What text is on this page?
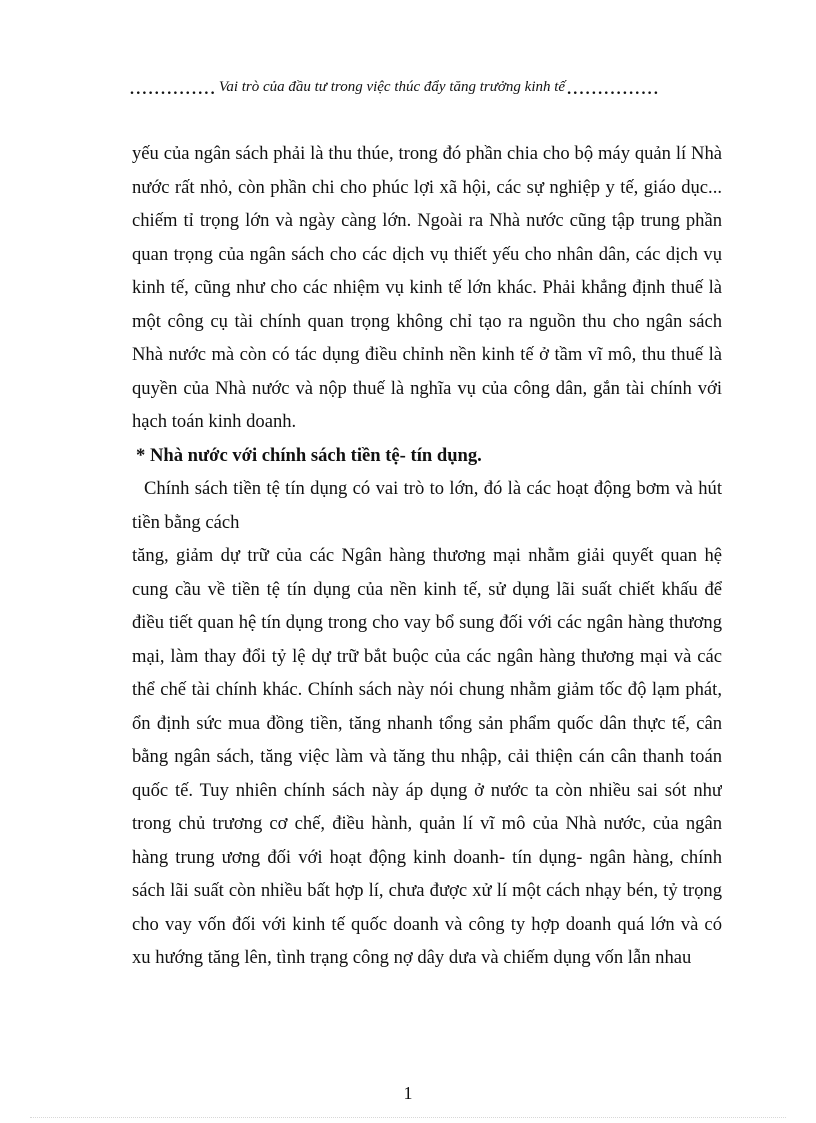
.............. Vai trò của đầu tư trong việc thúc đẩy tăng trưởng kinh tế ...............
yếu của ngân sách phải là thu thúe, trong đó phần chia cho bộ máy quản lí Nhà
nước rất nhỏ, còn phần chi cho phúc lợi xã hội, các sự nghiệp y tế, giáo dục...
chiếm tỉ trọng lớn và ngày càng lớn. Ngoài ra Nhà nước cũng tập trung phần
quan trọng của ngân sách cho các dịch vụ thiết yếu cho nhân dân, các dịch vụ
kinh tế, cũng như cho các nhiệm vụ kinh tế lớn khác. Phải khẳng định thuế là
một công cụ tài chính quan trọng không chỉ tạo ra nguồn thu cho ngân sách
Nhà nước mà còn có tác dụng điều chỉnh nền kinh tế ở tầm vĩ mô, thu thuế là
quyền của Nhà nước và nộp thuế là nghĩa vụ của công dân, gắn tài chính với
hạch toán kinh doanh.
* Nhà nước với chính sách tiền tệ- tín dụng.
Chính sách tiền tệ tín dụng có vai trò to lớn, đó là các hoạt động bơm và hút
tiền bằng cách
tăng, giảm dự trữ của các Ngân hàng thương mại nhằm giải quyết quan hệ
cung cầu về tiền tệ tín dụng của nền kinh tế, sử dụng lãi suất chiết khấu để
điều tiết quan hệ tín dụng trong cho vay bổ sung đối với các ngân hàng thương
mại, làm thay đổi tỷ lệ dự trữ bắt buộc của các ngân hàng thương mại và các
thể chế tài chính khác. Chính sách này nói chung nhằm giảm tốc độ lạm phát,
ổn định sức mua đồng tiền, tăng nhanh tổng sản phẩm quốc dân thực tế, cân
bằng ngân sách, tăng việc làm và tăng thu nhập, cải thiện cán cân thanh toán
quốc tế. Tuy nhiên chính sách này áp dụng ở nước ta còn nhiều sai sót như
trong chủ trương cơ chế, điều hành, quản lí vĩ mô của Nhà nước, của ngân
hàng trung ương đối với hoạt động kinh doanh- tín dụng- ngân hàng, chính
sách lãi suất còn nhiều bất hợp lí, chưa được xử lí một cách nhạy bén, tỷ trọng
cho vay vốn đối với kinh tế quốc doanh và công ty hợp doanh quá lớn và có
xu hướng tăng lên, tình trạng công nợ dây dưa và chiếm dụng vốn lẫn nhau
1
